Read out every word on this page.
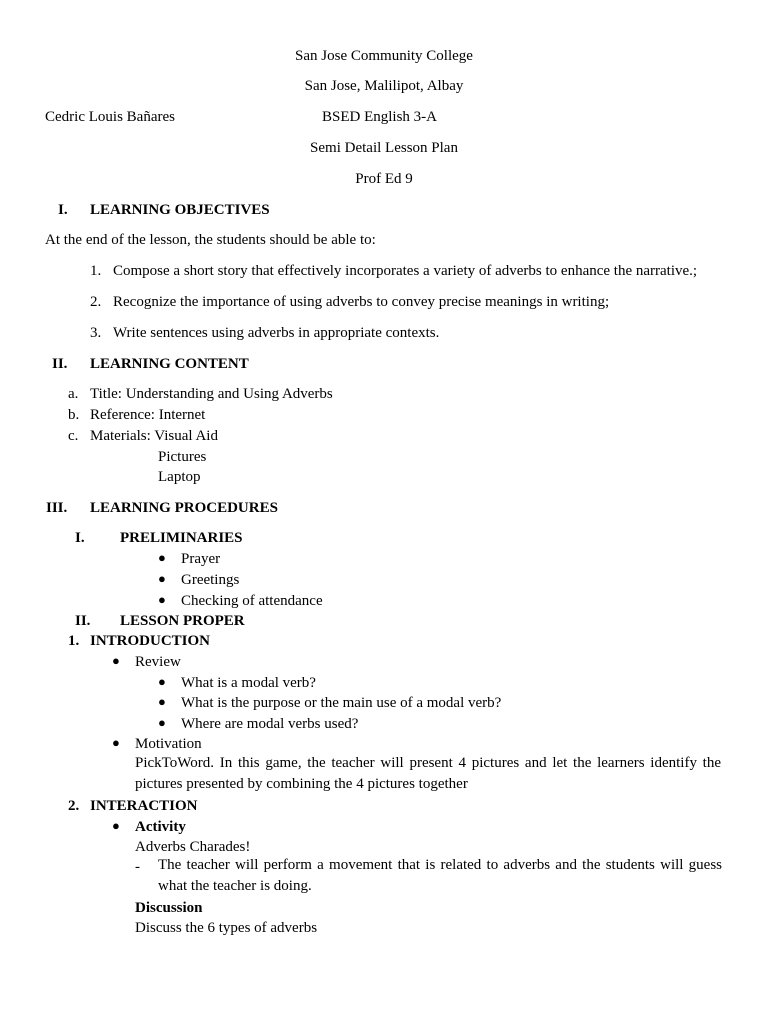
San Jose Community College
San Jose, Malilipot, Albay
Cedric Louis Bañares	BSED English 3-A
Semi Detail Lesson Plan
Prof Ed 9
I. LEARNING OBJECTIVES
At the end of the lesson, the students should be able to:
1. Compose a short story that effectively incorporates a variety of adverbs to enhance the narrative.;
2. Recognize the importance of using adverbs to convey precise meanings in writing;
3. Write sentences using adverbs in appropriate contexts.
II. LEARNING CONTENT
a. Title: Understanding and Using Adverbs
b. Reference: Internet
c. Materials: Visual Aid
Pictures
Laptop
III. LEARNING PROCEDURES
I. PRELIMINARIES
● Prayer
● Greetings
● Checking of attendance
II. LESSON PROPER
1. INTRODUCTION
● Review
● What is a modal verb?
● What is the purpose or the main use of a modal verb?
● Where are modal verbs used?
● Motivation
PickToWord. In this game, the teacher will present 4 pictures and let the learners identify the pictures presented by combining the 4 pictures together
2. INTERACTION
● Activity
Adverbs Charades!
- The teacher will perform a movement that is related to adverbs and the students will guess what the teacher is doing.
Discussion
Discuss the 6 types of adverbs
